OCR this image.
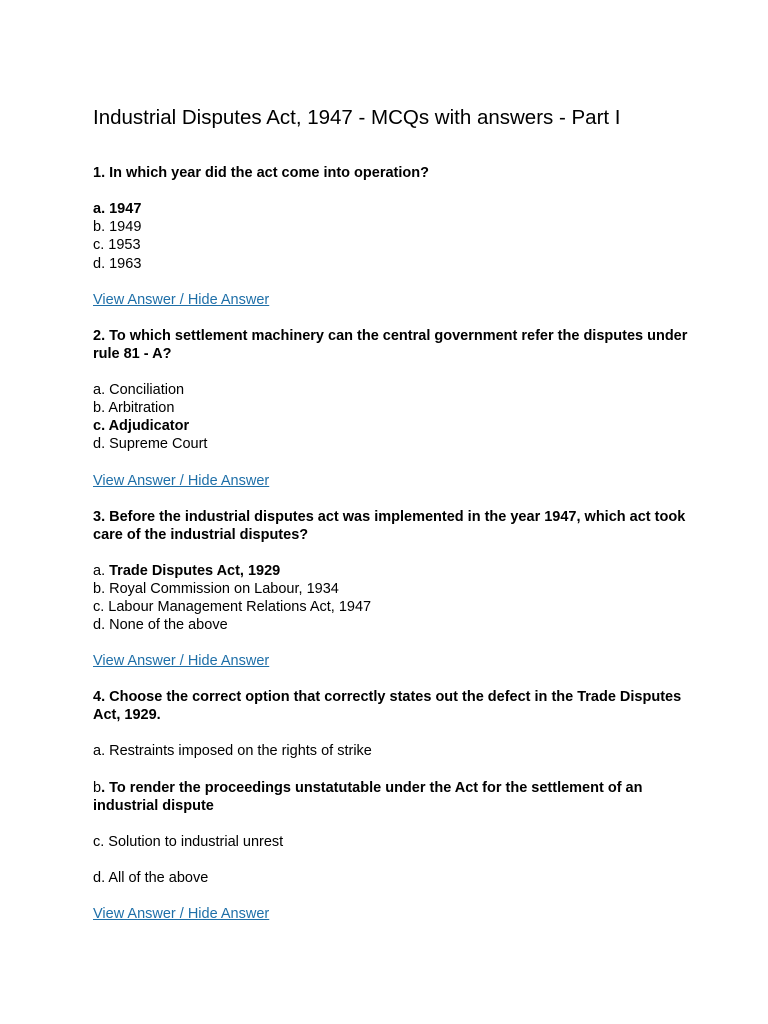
Industrial Disputes Act, 1947 - MCQs with answers - Part I

1. In which year did the act come into operation?

a. 1947
b. 1949
c. 1953
d. 1963
View Answer / Hide Answer

2. To which settlement machinery can the central government refer the disputes under rule 81 - A?

a. Conciliation
b. Arbitration
c. Adjudicator
d. Supreme Court
View Answer / Hide Answer

3. Before the industrial disputes act was implemented in the year 1947, which act took care of the industrial disputes?

a. Trade Disputes Act, 1929
b. Royal Commission on Labour, 1934
c. Labour Management Relations Act, 1947
d. None of the above
View Answer / Hide Answer

4. Choose the correct option that correctly states out the defect in the Trade Disputes Act, 1929.

a. Restraints imposed on the rights of strike
b. To render the proceedings unstatutable under the Act for the settlement of an industrial dispute
c. Solution to industrial unrest
d. All of the above
View Answer / Hide Answer
